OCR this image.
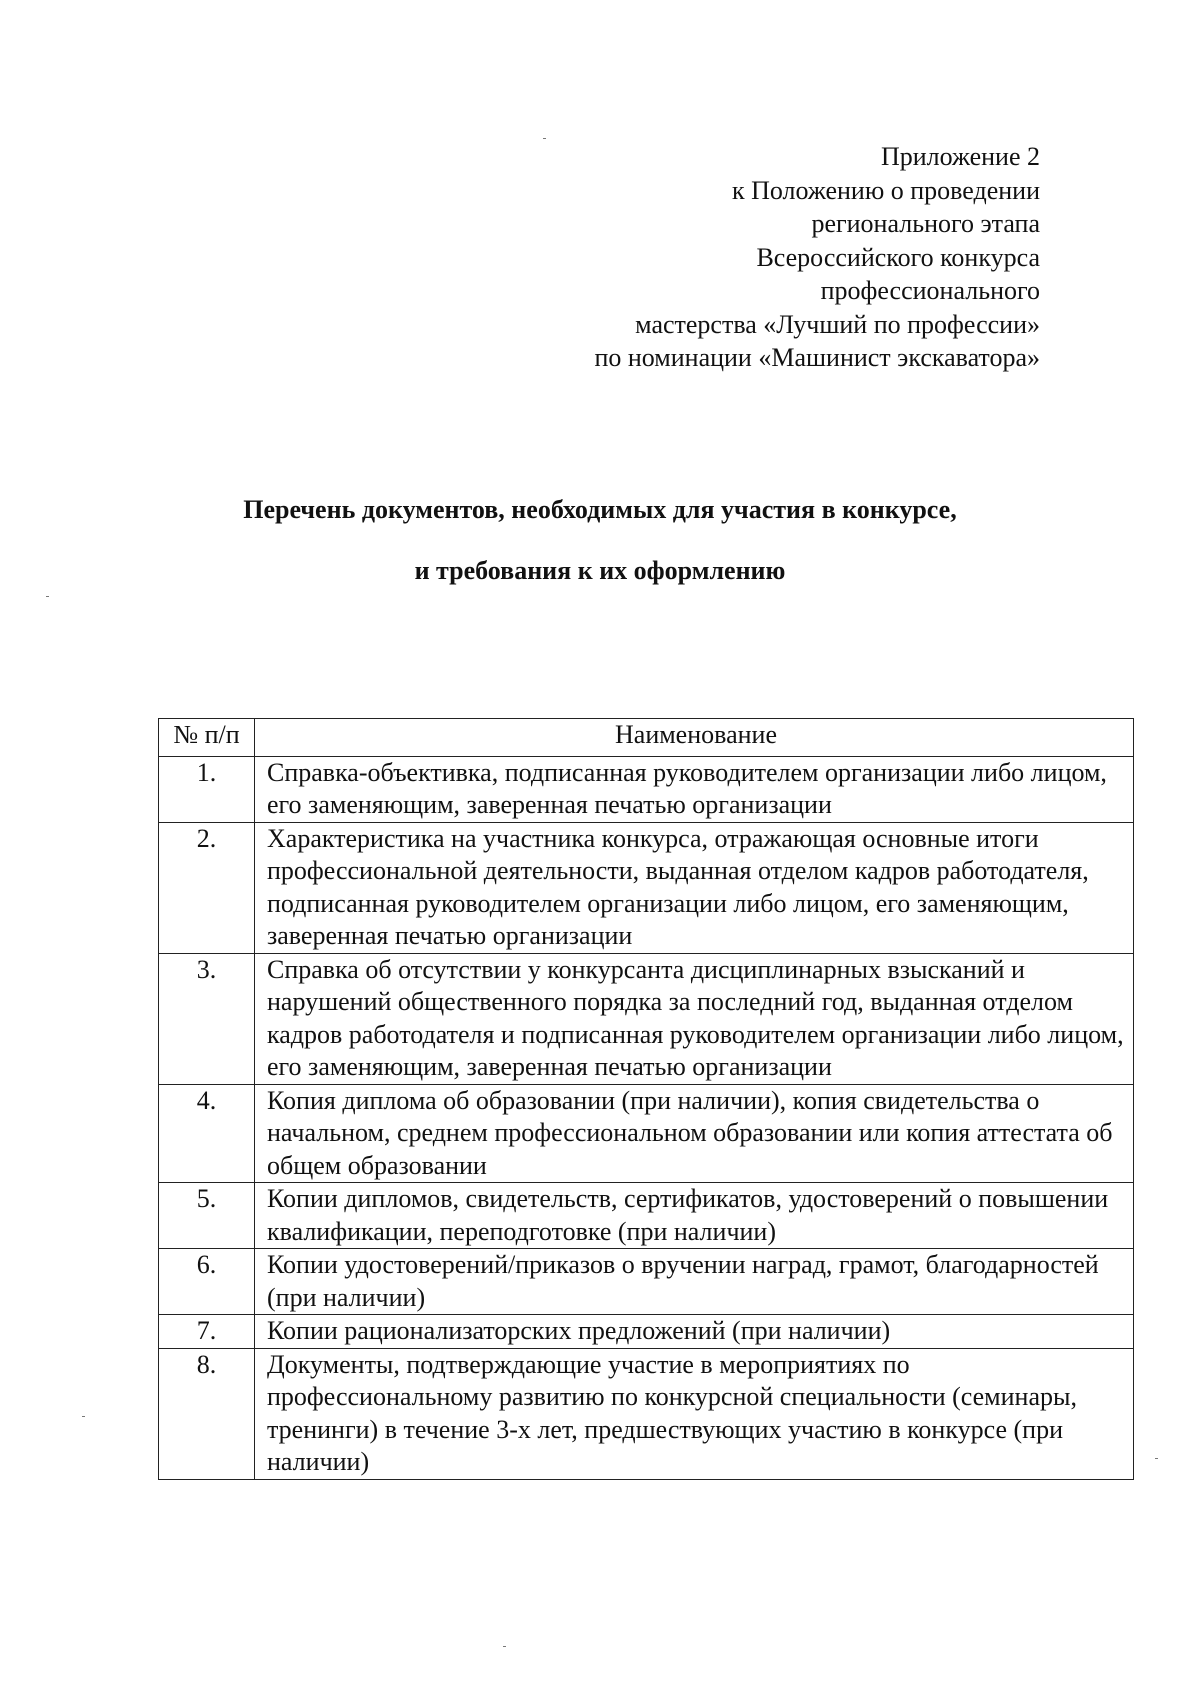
Приложение 2
к Положению о проведении
регионального этапа
Всероссийского конкурса
профессионального
мастерства «Лучший по профессии»
по номинации «Машинист экскаватора»
Перечень документов, необходимых для участия в конкурсе,
и требования к их оформлению
№ п/п	Наименование
1.	Справка-объективка, подписанная руководителем организации либо лицом, его заменяющим, заверенная печатью организации
2.	Характеристика на участника конкурса, отражающая основные итоги профессиональной деятельности, выданная отделом кадров работодателя, подписанная руководителем организации либо лицом, его заменяющим, заверенная печатью организации
3.	Справка об отсутствии у конкурсанта дисциплинарных взысканий и нарушений общественного порядка за последний год, выданная отделом кадров работодателя и подписанная руководителем организации либо лицом, его заменяющим, заверенная печатью организации
4.	Копия диплома об образовании (при наличии), копия свидетельства о начальном, среднем профессиональном образовании или копия аттестата об общем образовании
5.	Копии дипломов, свидетельств, сертификатов, удостоверений о повышении квалификации, переподготовке (при наличии)
6.	Копии удостоверений/приказов о вручении наград, грамот, благодарностей (при наличии)
7.	Копии рационализаторских предложений (при наличии)
8.	Документы, подтверждающие участие в мероприятиях по профессиональному развитию по конкурсной специальности (семинары, тренинги) в течение 3-х лет, предшествующих участию в конкурсе (при наличии)
